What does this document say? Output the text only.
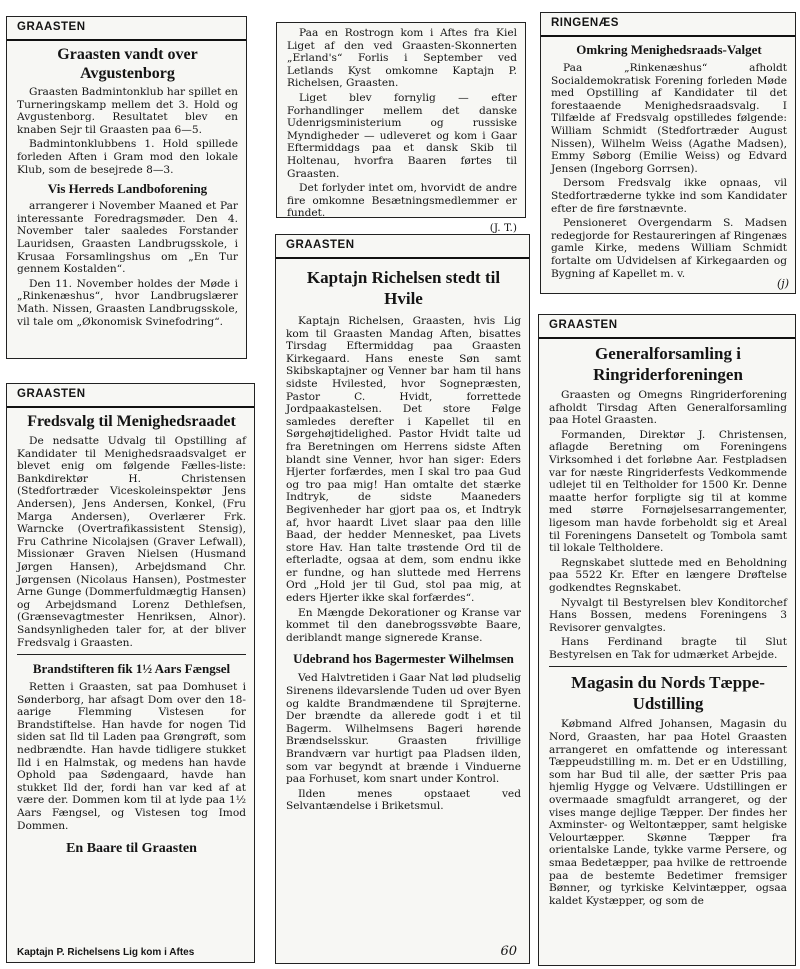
GRAASTEN
Graasten vandt over Avgustenborg

Graasten Badmintonklub har spillet en Turneringskamp mellem det 3. Hold og Avgustenborg. Resultatet blev en knaben Sejr til Graasten paa 6—5.

Badmintonklubbens 1. Hold spillede forleden Aften i Gram mod den lokale Klub, som de besejrede 8—3.

Vis Herreds Landboforening

arrangerer i November Maaned et Par interessante Foredragsmøder. Den 4. November taler saaledes Forstander Lauridsen, Graasten Landbrugsskole, i Krusaa Forsamlingshus om „En Tur gennem Kostalden“.

Den 11. November holdes der Møde i „Rinkenæshus“, hvor Landbrugslærer Math. Nissen, Graasten Landbrugsskole, vil tale om „Økonomisk Svinefodring“.

Paa en Rostrogn kom i Aftes fra Kiel Liget af den ved Graasten-Skonnerten „Erland's“ Forlis i September ved Letlands Kyst omkomne Kaptajn P. Richelsen, Graasten.

Liget blev fornylig — efter Forhandlinger mellem det danske Udenrigsministerium og russiske Myndigheder — udleveret og kom i Gaar Eftermiddags paa et dansk Skib til Holtenau, hvorfra Baaren førtes til Graasten.

Det forlyder intet om, hvorvidt de andre fire omkomne Besætningsmedlemmer er fundet.

(J. T.)
RINGENÆS
Omkring Menighedsraads-Valget

Paa „Rinkenæshus“ afholdt Socialdemokratisk Forening forleden Møde med Opstilling af Kandidater til det forestaaende Menighedsraadsvalg. I Tilfælde af Fredsvalg opstilledes følgende: William Schmidt (Stedfortræder August Nissen), Wilhelm Weiss (Agathe Madsen), Emmy Søborg (Emilie Weiss) og Edvard Jensen (Ingeborg Gorrsen).

Dersom Fredsvalg ikke opnaas, vil Stedfortræderne tykke ind som Kandidater efter de fire førstnævnte.

Pensioneret Overgendarm S. Madsen redegjorde for Restaureringen af Ringenæs gamle Kirke, medens William Schmidt fortalte om Udvidelsen af Kirkegaarden og Bygning af Kapellet m. v.

(j)
GRAASTEN
Kaptajn Richelsen stedt til Hvile

Kaptajn Richelsen, Graasten, hvis Lig kom til Graasten Mandag Aften, bisattes Tirsdag Eftermiddag paa Graasten Kirkegaard. Hans eneste Søn samt Skibskaptajner og Venner bar ham til hans sidste Hvilested, hvor Sognepræsten, Pastor C. Hvidt, forrettede Jordpaakastelsen. Det store Følge samledes derefter i Kapellet til en Sørgehøjtidelighed. Pastor Hvidt talte ud fra Beretningen om Herrens sidste Aften blandt sine Venner, hvor han siger: Eders Hjerter forfærdes, men I skal tro paa Gud og tro paa mig! Han omtalte det stærke Indtryk, de sidste Maaneders Begivenheder har gjort paa os, et Indtryk af, hvor haardt Livet slaar paa den lille Baad, der hedder Mennesket, paa Livets store Hav. Han talte trøstende Ord til de efterladte, ogsaa at dem, som endnu ikke er fundne, og han sluttede med Herrens Ord „Hold jer til Gud, stol paa mig, at eders Hjerter ikke skal forfærdes“.

En Mængde Dekorationer og Kranse var kommet til den danebrogssvøbte Baare, deriblandt mange signerede Kranse.

Udebrand hos Bagermester Wilhelmsen

Ved Halvtretiden i Gaar Nat lød pludselig Sirenens ildevarslende Tuden ud over Byen og kaldte Brandmændene til Sprøjterne. Der brændte da allerede godt i et til Bagerm. Wilhelmsens Bageri hørende Brændselsskur. Graasten frivillige Brandværn var hurtigt paa Pladsen ilden, som var begyndt at brænde i Vinduerne paa Forhuset, kom snart under Kontrol.

Ilden menes opstaaet ved Selvantændelse i Briketsmul.

60
GRAASTEN
Fredsvalg til Menighedsraadet

De nedsatte Udvalg til Opstilling af Kandidater til Menighedsraadsvalget er blevet enig om følgende Fælles-liste: Bankdirektør H. Christensen (Stedfortræder Viceskoleinspektør Jens Andersen), Jens Andersen, Konkel, (Fru Marga Andersen), Overlærer Frk. Warncke (Overtrafikassistent Stensig), Fru Cathrine Nicolajsen (Graver Lefwall), Missionær Graven Nielsen (Husmand Jørgen Hansen), Arbejdsmand Chr. Jørgensen (Nicolaus Hansen), Postmester Arne Gunge (Dommerfuldmægtig Hansen) og Arbejdsmand Lorenz Dethlefsen, (Grænsevagtmester Henriksen, Alnor). Sandsynligheden taler for, at der bliver Fredsvalg i Graasten.

Brandstifteren fik 1½ Aars Fængsel

Retten i Graasten, sat paa Domhuset i Sønderborg, har afsagt Dom over den 18-aarige Flemming Vistesen for Brandstiftelse. Han havde for nogen Tid siden sat Ild til Laden paa Grøngrøft, som nedbrændte. Han havde tidligere stukket Ild i en Halmstak, og medens han havde Ophold paa Sødengaard, havde han stukket Ild der, fordi han var ked af at være der. Dommen kom til at lyde paa 1½ Aars Fængsel, og Vistesen tog Imod Dommen.

En Baare til Graasten
Kaptajn P. Richelsens Lig kom i Aftes
GRAASTEN
Generalforsamling i Ringriderforeningen

Graasten og Omegns Ringriderforening afholdt Tirsdag Aften Generalforsamling paa Hotel Graasten.

Formanden, Direktør J. Christensen, aflagde Beretning om Foreningens Virksomhed i det forløbne Aar. Festpladsen var for næste Ringriderfests Vedkommende udlejet til en Teltholder for 1500 Kr. Denne maatte herfor forpligte sig til at komme med større Fornøjelsesarrangementer, ligesom man havde forbeholdt sig et Areal til Foreningens Dansetelt og Tombola samt til lokale Teltholdere.

Regnskabet sluttede med en Beholdning paa 5522 Kr. Efter en længere Drøftelse godkendtes Regnskabet.

Nyvalgt til Bestyrelsen blev Konditorchef Hans Bossen, medens Foreningens 3 Revisorer genvalgtes.

Hans Ferdinand bragte til Slut Bestyrelsen en Tak for udmærket Arbejde.

Magasin du Nords Tæppe-Udstilling

Købmand Alfred Johansen, Magasin du Nord, Graasten, har paa Hotel Graasten arrangeret en omfattende og interessant Tæppeudstilling m. m. Det er en Udstilling, som har Bud til alle, der sætter Pris paa hjemlig Hygge og Velvære. Udstillingen er overmaade smagfuldt arrangeret, og der vises mange dejlige Tæpper. Der findes her Axminster- og Weltontæpper, samt helgiske Velourtæpper. Skønne Tæpper fra orientalske Lande, tykke varme Persere, og smaa Bedetæpper, paa hvilke de rettroende paa de bestemte Bedetimer fremsiger Bønner, og tyrkiske Kelvintæpper, ogsaa kaldet Kystæpper, og som de
